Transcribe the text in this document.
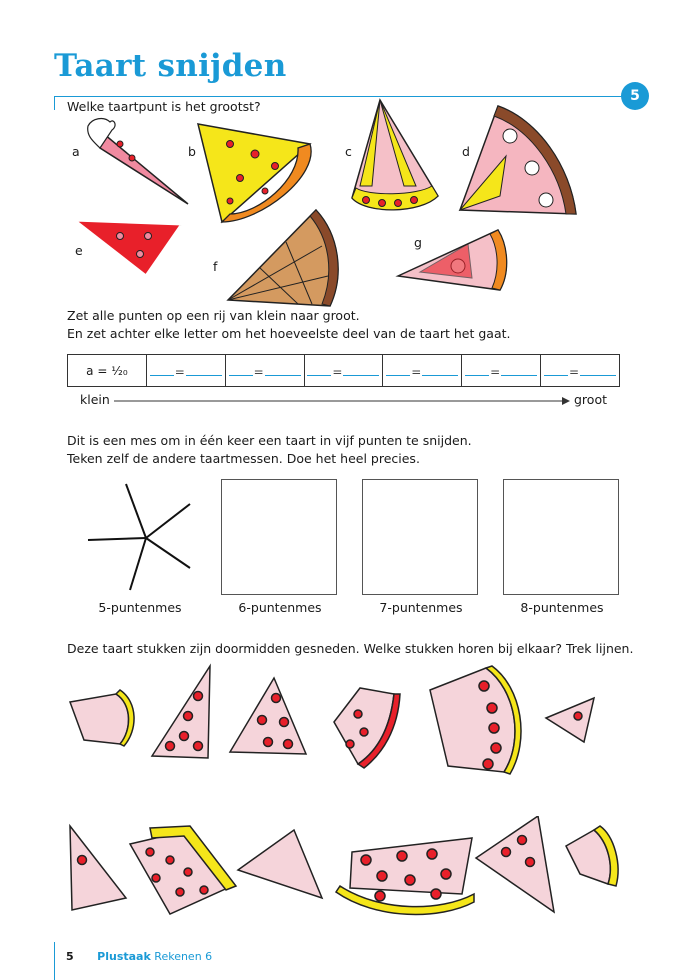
Taart snijden
5
Welke taartpunt is het grootst?
a	b	c	d
e
f
g
Zet alle punten op een rij van klein naar groot.
En zet achter elke letter om het hoeveelste deel van de taart het gaat.
a = ¹⁄₂₀	=	=	=	=	=	=
klein	groot
Dit is een mes om in één keer een taart in vijf punten te snijden.
Teken zelf de andere taartmessen. Doe het heel precies.
5-puntenmes	6-puntenmes	7-puntenmes	8-puntenmes
Deze taart stukken zijn doormidden gesneden. Welke stukken horen bij elkaar? Trek lijnen.
5 Plustaak Rekenen 6
